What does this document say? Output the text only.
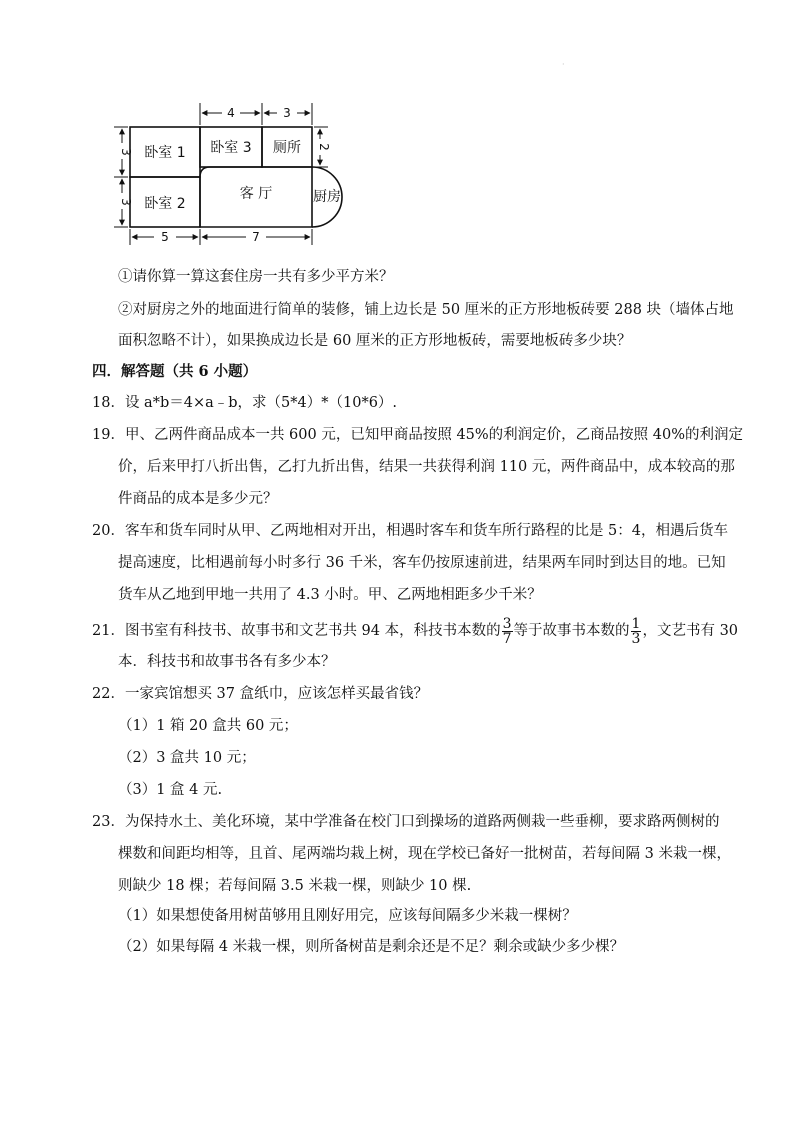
·
卧室 1
卧室 2
卧室 3 厕所
客 厅	厨房
4	3
3
3
2
5	7
①请你算一算这套住房一共有多少平方米？
②对厨房之外的地面进行简单的装修，铺上边长是 50 厘米的正方形地板砖要 288 块（墙体占地
面积忽略不计），如果换成边长是 60 厘米的正方形地板砖，需要地板砖多少块？
四．解答题（共 6 小题）
18．设 a*b＝4×a﹣b，求（5*4）*（10*6）.
19．甲、乙两件商品成本一共 600 元，已知甲商品按照 45%的利润定价，乙商品按照 40%的利润定
价，后来甲打八折出售，乙打九折出售，结果一共获得利润 110 元，两件商品中，成本较高的那
件商品的成本是多少元？
20．客车和货车同时从甲、乙两地相对开出，相遇时客车和货车所行路程的比是 5：4，相遇后货车
提高速度，比相遇前每小时多行 36 千米，客车仍按原速前进，结果两车同时到达目的地。已知
货车从乙地到甲地一共用了 4.3 小时。甲、乙两地相距多少千米？
21．图书室有科技书、故事书和文艺书共 94 本，科技书本数的 $\frac{3}{7}$ 等于故事书本数的 $\frac{1}{3}$ ，文艺书有 30
本．科技书和故事书各有多少本？
22．一家宾馆想买 37 盒纸巾，应该怎样买最省钱？
（1）1 箱 20 盒共 60 元；
（2）3 盒共 10 元；
（3）1 盒 4 元.
23．为保持水土、美化环境，某中学准备在校门口到操场的道路两侧栽一些垂柳，要求路两侧树的
棵数和间距均相等，且首、尾两端均栽上树，现在学校已备好一批树苗，若每间隔 3 米栽一棵，
则缺少 18 棵；若每间隔 3.5 米栽一棵，则缺少 10 棵.
（1）如果想使备用树苗够用且刚好用完，应该每间隔多少米栽一棵树？
（2）如果每隔 4 米栽一棵，则所备树苗是剩余还是不足？剩余或缺少多少棵？
